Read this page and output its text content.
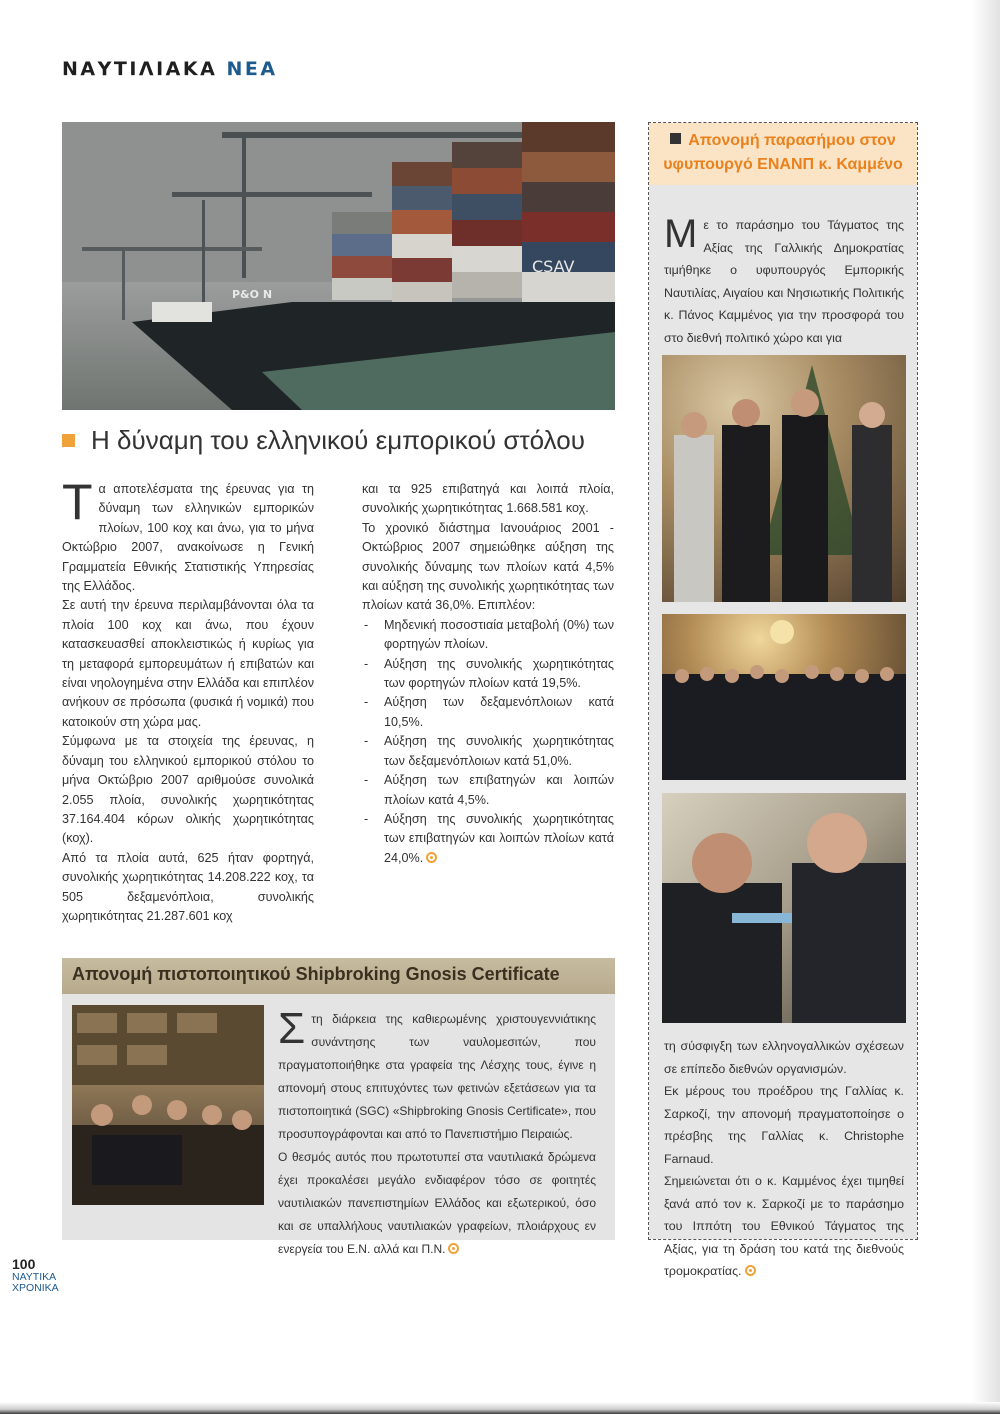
ΝΑΥΤΙΛΙΑΚΑ ΝΕΑ
CSAV
P&O N
Η δύναμη του ελληνικού εμπορικού στόλου

Τα αποτελέσματα της έρευνας για τη δύναμη των ελληνικών εμπορικών πλοίων, 100 κοχ και άνω, για το μήνα Οκτώβριο 2007, ανακοίνωσε η Γενική Γραμματεία Εθνικής Στατιστικής Υπηρεσίας της Ελλάδος.

Σε αυτή την έρευνα περιλαμβάνονται όλα τα πλοία 100 κοχ και άνω, που έχουν κατασκευασθεί αποκλειστικώς ή κυρίως για τη μεταφορά εμπορευμάτων ή επιβατών και είναι νηολογημένα στην Ελλάδα και επιπλέον ανήκουν σε πρόσωπα (φυσικά ή νομικά) που κατοικούν στη χώρα μας.

Σύμφωνα με τα στοιχεία της έρευνας, η δύναμη του ελληνικού εμπορικού στόλου το μήνα Οκτώβριο 2007 αριθμούσε συνολικά 2.055 πλοία, συνολικής χωρητικότητας 37.164.404 κόρων ολικής χωρητικότητας (κοχ).

Από τα πλοία αυτά, 625 ήταν φορτηγά, συνολικής χωρητικότητας 14.208.222 κοχ, τα 505 δεξαμενόπλοια, συνολικής χωρητικότητας 21.287.601 κοχ

και τα 925 επιβατηγά και λοιπά πλοία, συνολικής χωρητικότητας 1.668.581 κοχ.

Το χρονικό διάστημα Ιανουάριος 2001 - Οκτώβριος 2007 σημειώθηκε αύξηση της συνολικής δύναμης των πλοίων κατά 4,5% και αύξηση της συνολικής χωρητικότητας των πλοίων κατά 36,0%. Επιπλέον:

- Μηδενική ποσοστιαία μεταβολή (0%) των φορτηγών πλοίων.
- Αύξηση της συνολικής χωρητικότητας των φορτηγών πλοίων κατά 19,5%.
- Αύξηση των δεξαμενόπλοιων κατά 10,5%.
- Αύξηση της συνολικής χωρητικότητας των δεξαμενόπλοιων κατά 51,0%.
- Αύξηση των επιβατηγών και λοιπών πλοίων κατά 4,5%.
- Αύξηση της συνολικής χωρητικότητας των επιβατηγών και λοιπών πλοίων κατά 24,0%.
Απονομή παρασήμου στον υφυπουργό ΕΝΑΝΠ κ. Καμμένο
Με το παράσημο του Τάγματος της Αξίας της Γαλλικής Δημοκρατίας τιμήθηκε ο υφυπουργός Εμπορικής Ναυτιλίας, Αιγαίου και Νησιωτικής Πολιτικής κ. Πάνος Καμμένος για την προσφορά του στο διεθνή πολιτικό χώρο και για

τη σύσφιγξη των ελληνογαλλικών σχέσεων σε επίπεδο διεθνών οργανισμών.

Εκ μέρους του προέδρου της Γαλλίας κ. Σαρκοζί, την απονομή πραγματοποίησε ο πρέσβης της Γαλλίας κ. Christophe Farnaud.

Σημειώνεται ότι ο κ. Καμμένος έχει τιμηθεί ξανά από τον κ. Σαρκοζί με το παράσημο του Ιππότη του Εθνικού Τάγματος της Αξίας, για τη δράση του κατά της διεθνούς τρομοκρατίας.

Απονομή πιστοποιητικού Shipbroking Gnosis Certificate

Στη διάρκεια της καθιερωμένης χριστουγεννιάτικης συνάντησης των ναυλομεσιτών, που πραγματοποιήθηκε στα γραφεία της Λέσχης τους, έγινε η απονομή στους επιτυχόντες των φετινών εξετάσεων για τα πιστοποιητικά (SGC) «Shipbroking Gnosis Certificate», που προσυπογράφονται και από το Πανεπιστήμιο Πειραιώς.

Ο θεσμός αυτός που πρωτοτυπεί στα ναυτιλιακά δρώμενα έχει προκαλέσει μεγάλο ενδιαφέρον τόσο σε φοιτητές ναυτιλιακών πανεπιστημίων Ελλάδος και εξωτερικού, όσο και σε υπαλλήλους ναυτιλιακών γραφείων, πλοιάρχους εν ενεργεία του Ε.Ν. αλλά και Π.Ν.

100
ΝΑΥΤΙΚΑ
ΧΡΟΝΙΚΑ
